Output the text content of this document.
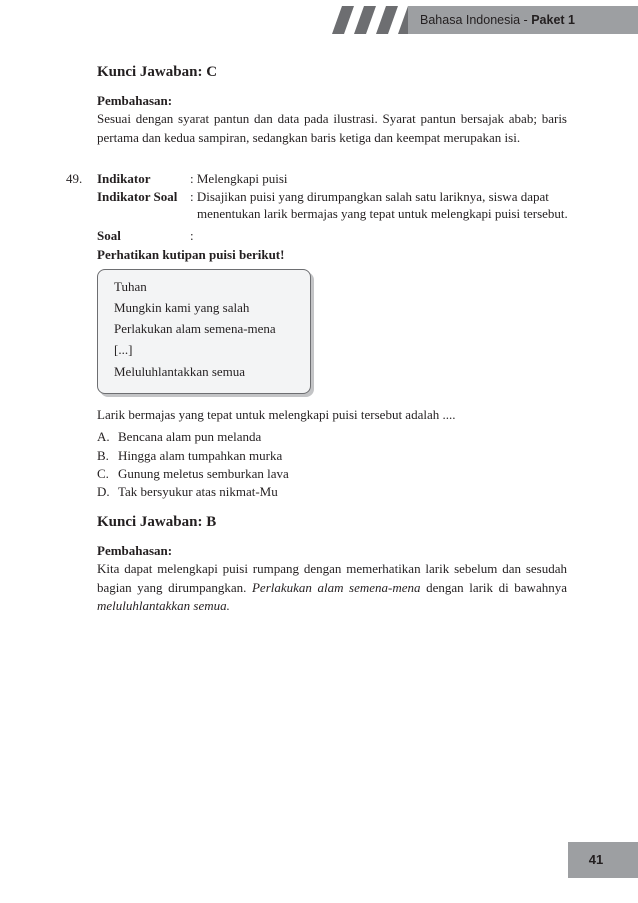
Bahasa Indonesia - Paket 1
Kunci Jawaban: C
Pembahasan:
Sesuai dengan syarat pantun dan data pada ilustrasi. Syarat pantun bersajak abab; baris
pertama dan kedua sampiran, sedangkan baris ketiga dan keempat merupakan isi.
49. Indikator	: Melengkapi puisi
Indikator Soal : Disajikan puisi yang dirumpangkan salah satu lariknya, siswa dapat
menentukan larik bermajas yang tepat untuk melengkapi puisi tersebut.
Soal	:
Perhatikan kutipan puisi berikut!
Tuhan
Mungkin kami yang salah
Perlakukan alam semena-mena
[...]
Meluluhlantakkan semua
Larik bermajas yang tepat untuk melengkapi puisi tersebut adalah ....
A. Bencana alam pun melanda
B. Hingga alam tumpahkan murka
C. Gunung meletus semburkan lava
D. Tak bersyukur atas nikmat-Mu
Kunci Jawaban: B
Pembahasan:
Kita dapat melengkapi puisi rumpang dengan memerhatikan larik sebelum dan sesudah
bagian yang dirumpangkan. Perlakukan alam semena-mena dengan larik di bawahnya
meluluhlantakkan semua.
41
